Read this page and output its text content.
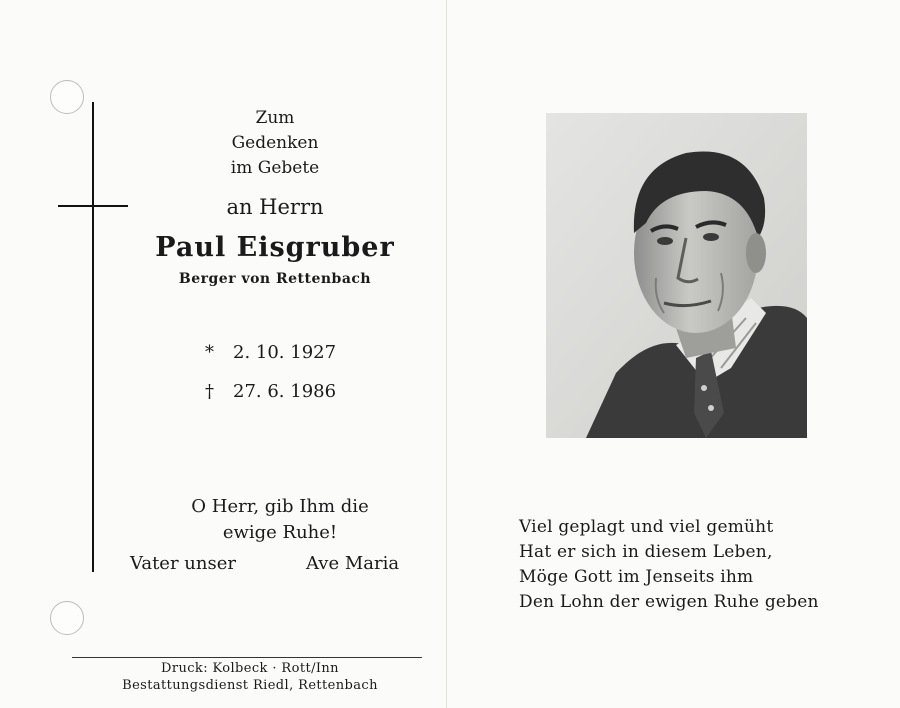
Zum
Gedenken
im Gebete
an Herrn
Paul Eisgruber
Berger von Rettenbach
* 2. 10. 1927
† 27. 6. 1986
O Herr, gib Ihm die
ewige Ruhe!
Vater unser	Ave Maria
Druck: Kolbeck · Rott/Inn
Bestattungsdienst Riedl, Rettenbach
Viel geplagt und viel gemüht
Hat er sich in diesem Leben,
Möge Gott im Jenseits ihm
Den Lohn der ewigen Ruhe geben
